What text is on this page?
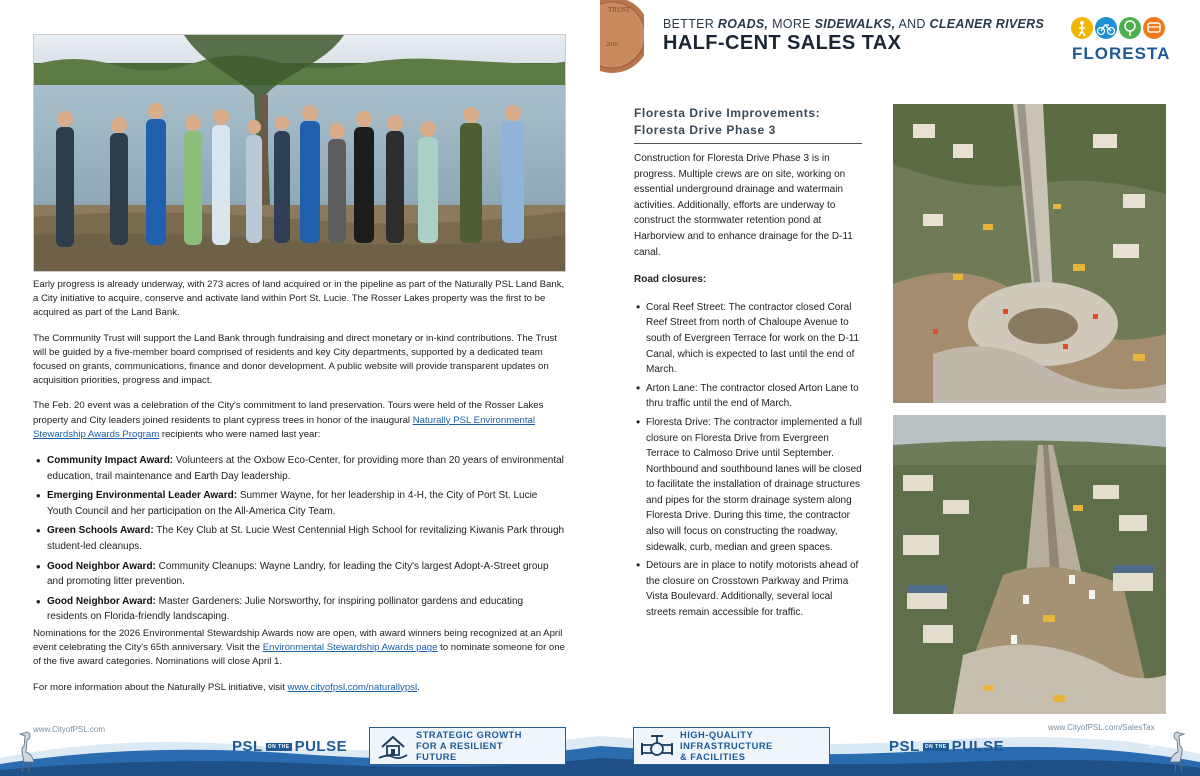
Early progress is already underway, with 273 acres of land acquired or in the pipeline as part of the Naturally PSL Land Bank, a City initiative to acquire, conserve and activate land within Port St. Lucie. The Rosser Lakes property was the first to be acquired as part of the Land Bank.

The Community Trust will support the Land Bank through fundraising and direct monetary or in-kind contributions. The Trust will be guided by a five-member board comprised of residents and key City departments, supported by a dedicated team focused on grants, communications, finance and donor development. A public website will provide transparent updates on acquisition priorities, progress and impact.

The Feb. 20 event was a celebration of the City's commitment to land preservation. Tours were held of the Rosser Lakes property and City leaders joined residents to plant cypress trees in honor of the inaugural Naturally PSL Environmental Stewardship Awards Program recipients who were named last year:

• Community Impact Award: Volunteers at the Oxbow Eco-Center, for providing more than 20 years of environmental education, trail maintenance and Earth Day leadership.
• Emerging Environmental Leader Award: Summer Wayne, for her leadership in 4-H, the City of Port St. Lucie Youth Council and her participation on the All-America City Team.
• Green Schools Award: The Key Club at St. Lucie West Centennial High School for revitalizing Kiwanis Park through student-led cleanups.
• Good Neighbor Award: Community Cleanups: Wayne Landry, for leading the City's largest Adopt-A-Street group and promoting litter prevention.
• Good Neighbor Award: Master Gardeners: Julie Norsworthy, for inspiring pollinator gardens and educating residents on Florida-friendly landscaping.

Nominations for the 2026 Environmental Stewardship Awards now are open, with award winners being recognized at an April event celebrating the City's 65th anniversary. Visit the Environmental Stewardship Awards page to nominate someone for one of the five award categories. Nominations will close April 1.

For more information about the Naturally PSL initiative, visit www.cityofpsl.com/naturallypsl.

www.CityofPSL.com
8	PSL	ON THE PULSE
STRATEGIC GROWTH
FOR A RESILIENT
FUTURE
TRUST
2010
BETTER ROADS, MORE SIDEWALKS, AND CLEANER RIVERS
HALF-CENT SALES TAX	FLORESTA
Floresta Drive Improvements:
Floresta Drive Phase 3

Construction for Floresta Drive Phase 3 is in progress. Multiple crews are on site, working on essential underground drainage and watermain activities. Additionally, efforts are underway to construct the stormwater retention pond at Harborview and to enhance drainage for the D-11 canal.

Road closures:

• Coral Reef Street: The contractor closed Coral Reef Street from north of Chaloupe Avenue to south of Evergreen Terrace for work on the D-11 Canal, which is expected to last until the end of March.
• Arton Lane: The contractor closed Arton Lane to thru traffic until the end of March.
• Floresta Drive: The contractor implemented a full closure on Floresta Drive from Evergreen Terrace to Calmoso Drive until September. Northbound and southbound lanes will be closed to facilitate the installation of drainage structures and pipes for the storm drainage system along Floresta Drive. During this time, the contractor also will focus on constructing the roadway, sidewalk, curb, median and green spaces.
• Detours are in place to notify motorists ahead of the closure on Crosstown Parkway and Prima Vista Boulevard. Additionally, several local streets remain accessible for traffic.
www.CityofPSL.com/SalesTax
9
PSL	ON THE PULSE
HIGH-QUALITY
INFRASTRUCTURE
& FACILITIES
